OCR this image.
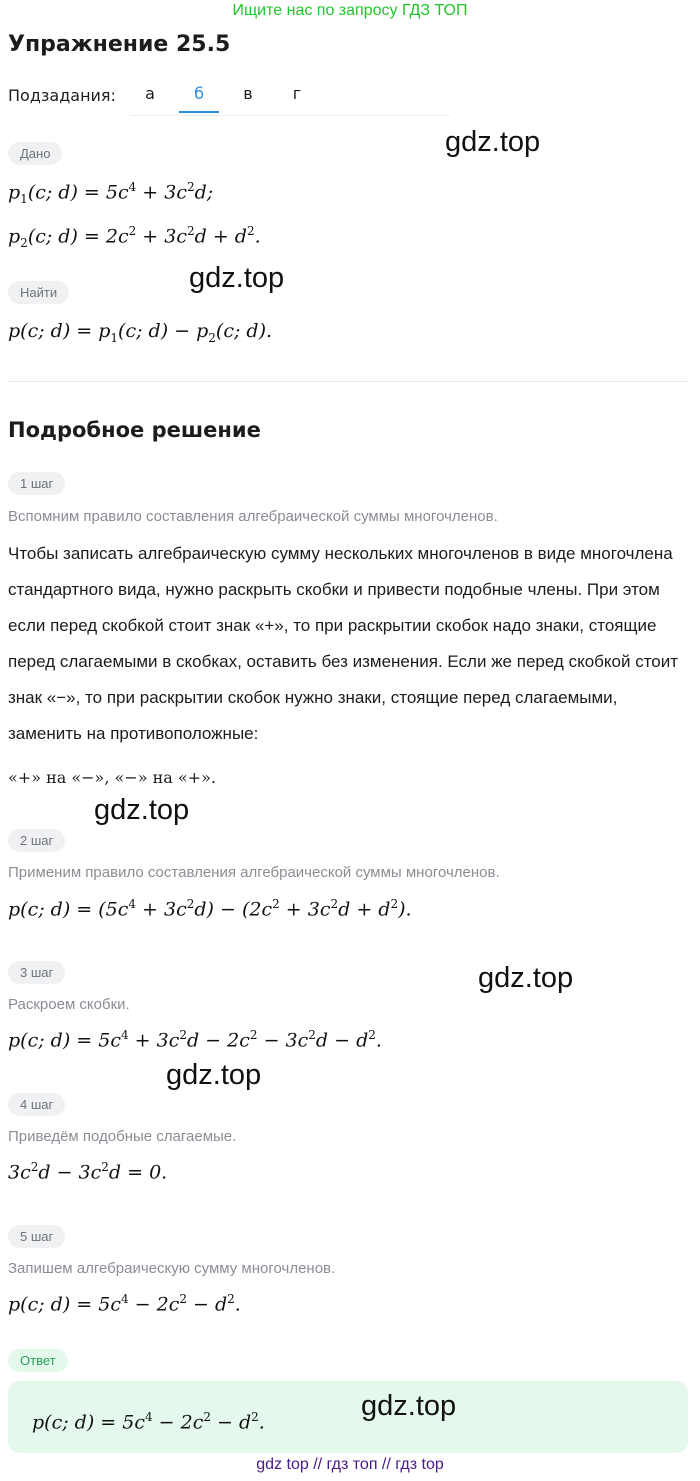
Ищите нас по запросу ГДЗ ТОП
Упражнение 25.5
Подзадания:	а	б	в	г
Дано
$p_1(c$; $d) = 5c^4 + 3c^2d$;
$p_2(c$; $d) = 2c^2 + 3c^2d + d^2$.
Найти
p(c; $d) = p_1(c$; $d) - p_2(c$; d).
Подробное решение
1 шаг
Вспомним правило составления алгебраической суммы многочленов.
Чтобы записать алгебраическую сумму нескольких многочленов в виде многочлена стандартного вида, нужно раскрыть скобки и привести подобные члены. При этом если перед скобкой стоит знак «+», то при раскрытии скобок надо знаки, стоящие перед слагаемыми в скобках, оставить без изменения. Если же перед скобкой стоит знак «−», то при раскрытии скобок нужно знаки, стоящие перед слагаемыми, заменить на противоположные:
«+» на «−», «−» на «+».
2 шаг
Применим правило составления алгебраической суммы многочленов.
p(c; $d) = (5c^4 + 3c^2d) - (2c^2 + 3c^2d + d^2)$.
3 шаг
Раскроем скобки.
p(c; $d) = 5c^4 + 3c^2d - 2c^2 - 3c^2d - d^2$.
4 шаг
Приведём подобные слагаемые.
$3c^2d - 3c^2d = 0$.
5 шаг
Запишем алгебраическую сумму многочленов.
p(c; $d) = 5c^4 - 2c^2 - d^2$.
Ответ
p(c; $d) = 5c^4 - 2c^2 - d^2$.
gdz.top
gdz.top
gdz.top
gdz.top
gdz.top
gdz.top
gdz top // гдз топ // гдз top
